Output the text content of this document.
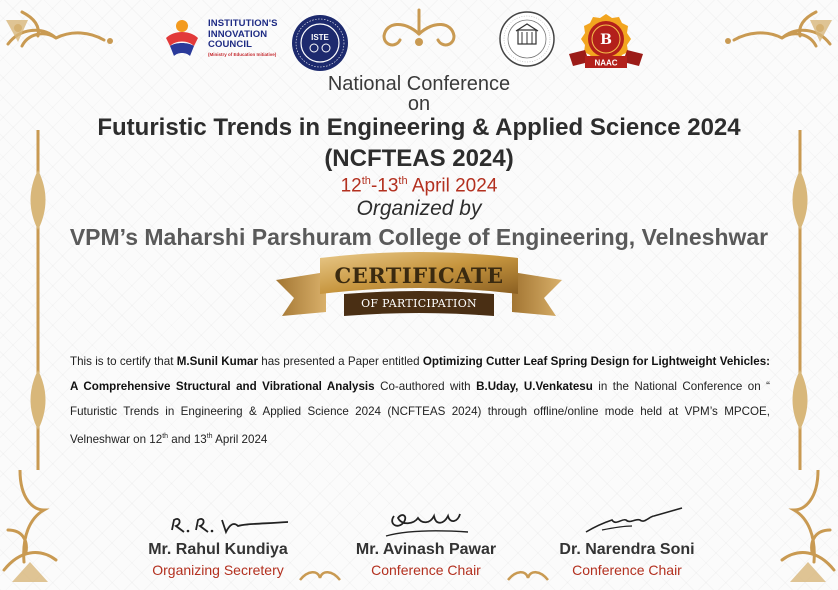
INSTITUTION'S
INNOVATION
COUNCIL
(Ministry of Education Initiative)
ISTE	B
NAAC
National Conference
on
Futuristic Trends in Engineering & Applied Science 2024
(NCFTEAS 2024)
12th-13th April 2024
Organized by
VPM’s Maharshi Parshuram College of Engineering, Velneshwar
CERTIFICATE
OF PARTICIPATION
This is to certify that M.Sunil Kumar has presented a Paper entitled Optimizing Cutter Leaf Spring Design for Lightweight Vehicles: A Comprehensive Structural and Vibrational Analysis Co-authored with B.Uday, U.Venkatesu in the National Conference on “ Futuristic Trends in Engineering & Applied Science 2024 (NCFTEAS 2024) through offline/online mode held at VPM’s MPCOE, Velneshwar on 12th and 13th April 2024
Mr. Rahul Kundiya
Organizing Secretery
Mr. Avinash Pawar
Conference Chair
Dr. Narendra Soni
Conference Chair
